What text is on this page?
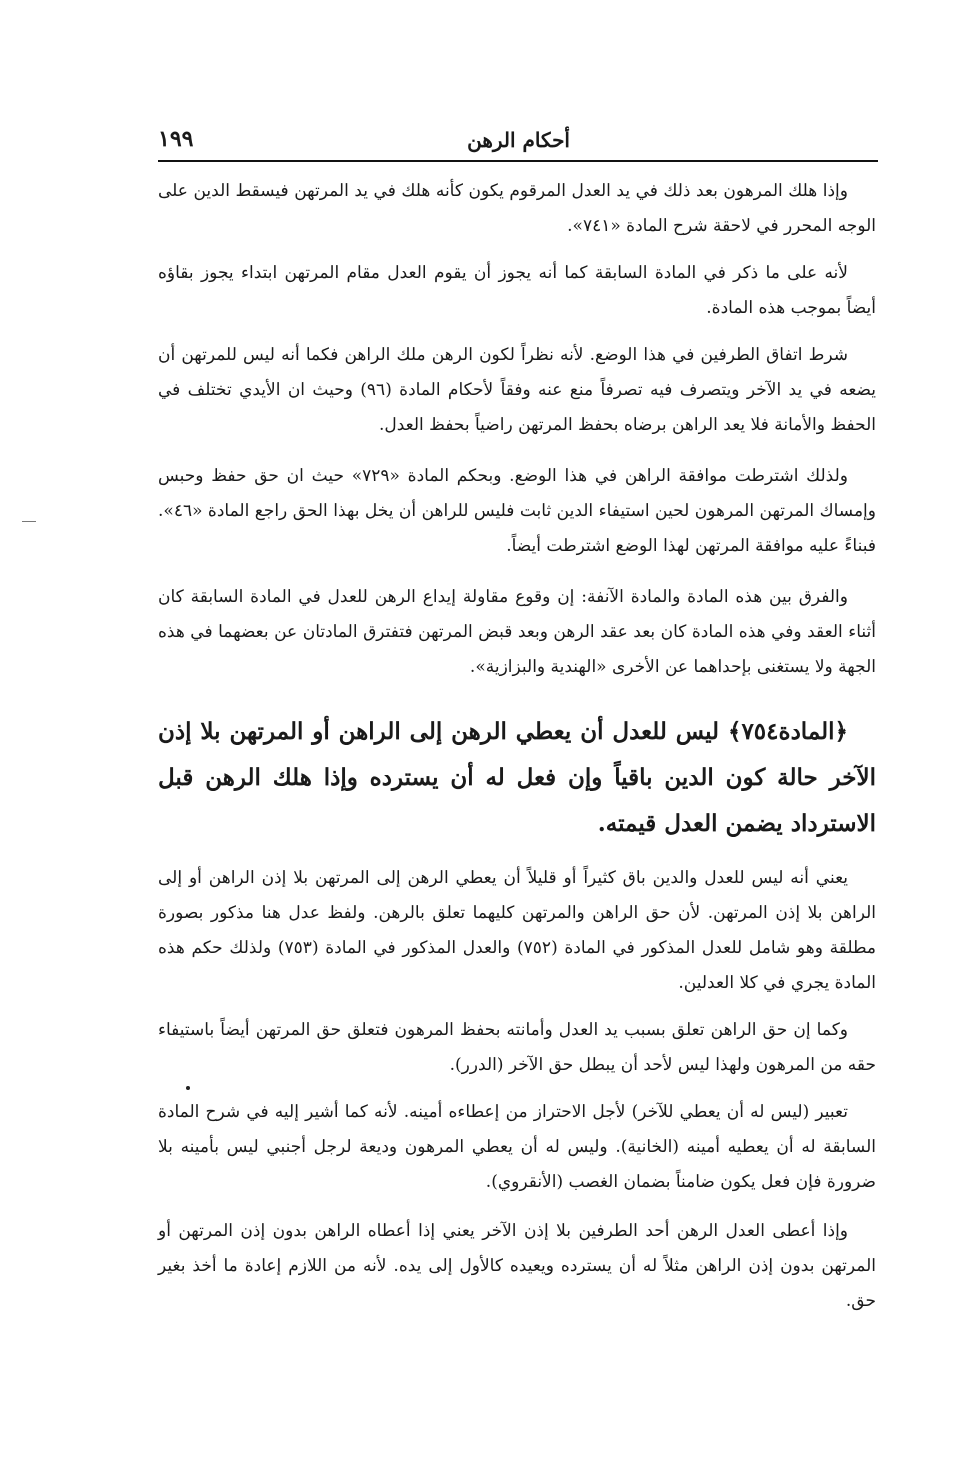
أحكام الرهن
١٩٩

وإذا هلك المرهون بعد ذلك في يد العدل المرقوم يكون كأنه هلك في يد المرتهن فيسقط الدين على الوجه المحرر في لاحقة شرح المادة «٧٤١».

لأنه على ما ذكر في المادة السابقة كما أنه يجوز أن يقوم العدل مقام المرتهن ابتداء يجوز بقاؤه أيضاً بموجب هذه المادة.

شرط اتفاق الطرفين في هذا الوضع. لأنه نظراً لكون الرهن ملك الراهن فكما أنه ليس للمرتهن أن يضعه في يد الآخر ويتصرف فيه تصرفاً منع عنه وفقاً لأحكام المادة (٩٦) وحيث ان الأيدي تختلف في الحفظ والأمانة فلا يعد الراهن برضاه بحفظ المرتهن راضياً بحفظ العدل.

ولذلك اشترطت موافقة الراهن في هذا الوضع. وبحكم المادة «٧٢٩» حيث ان حق حفظ وحبس وإمساك المرتهن المرهون لحين استيفاء الدين ثابت فليس للراهن أن يخل بهذا الحق راجع المادة «٤٦». فبناءً عليه موافقة المرتهن لهذا الوضع اشترطت أيضاً.

والفرق بين هذه المادة والمادة الآنفة: إن وقوع مقاولة إيداع الرهن للعدل في المادة السابقة كان أثناء العقد وفي هذه المادة كان بعد عقد الرهن وبعد قبض المرتهن فتفترق المادتان عن بعضهما في هذه الجهة ولا يستغنى بإحداهما عن الأخرى «الهندية والبزازية».

﴿المادة٧٥٤﴾ ليس للعدل أن يعطي الرهن إلى الراهن أو المرتهن بلا إذن الآخر حالة كون الدين باقياً وإن فعل له أن يسترده وإذا هلك الرهن قبل الاسترداد يضمن العدل قيمته.

يعني أنه ليس للعدل والدين باق كثيراً أو قليلاً أن يعطي الرهن إلى المرتهن بلا إذن الراهن أو إلى الراهن بلا إذن المرتهن. لأن حق الراهن والمرتهن كليهما تعلق بالرهن. ولفظ عدل هنا مذكور بصورة مطلقة وهو شامل للعدل المذكور في المادة (٧٥٢) والعدل المذكور في المادة (٧٥٣) ولذلك حكم هذه المادة يجري في كلا العدلين.

وكما إن حق الراهن تعلق بسبب يد العدل وأمانته بحفظ المرهون فتعلق حق المرتهن أيضاً باستيفاء حقه من المرهون ولهذا ليس لأحد أن يبطل حق الآخر (الدرر).

تعبير (ليس له أن يعطي للآخر) لأجل الاحتراز من إعطاءه أمينه. لأنه كما أشير إليه في شرح المادة السابقة له أن يعطيه أمينه (الخانية). وليس له أن يعطي المرهون وديعة لرجل أجنبي ليس بأمينه بلا ضرورة فإن فعل يكون ضامناً بضمان الغصب (الأنقروي).

وإذا أعطى العدل الرهن أحد الطرفين بلا إذن الآخر يعني إذا أعطاه الراهن بدون إذن المرتهن أو المرتهن بدون إذن الراهن مثلاً له أن يسترده ويعيده كالأول إلى يده. لأنه من اللازم إعادة ما أخذ بغير حق.
